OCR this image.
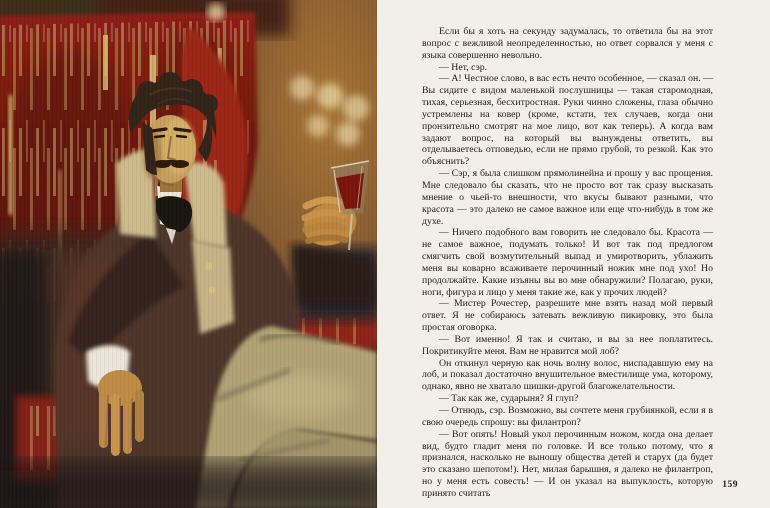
Если бы я хоть на секунду задумалась, то ответила бы на этот вопрос с вежливой неопределенностью, но ответ сорвался у меня с языка совершенно невольно.

— Нет, сэр.

— А! Честное слово, в вас есть нечто особенное, — сказал он. — Вы сидите с видом маленькой послушницы — такая старомодная, тихая, серьезная, бесхитростная. Руки чинно сложены, глаза обычно устремлены на ковер (кроме, кстати, тех случаев, когда они пронзительно смотрят на мое лицо, вот как теперь). А когда вам задают вопрос, на который вы вынуждены ответить, вы отделываетесь отповедью, если не прямо грубой, то резкой. Как это объяснить?

— Сэр, я была слишком прямолинейна и прошу у вас прощения. Мне следовало бы сказать, что не просто вот так сразу высказать мнение о чьей-то внешности, что вкусы бывают разными, что красота — это далеко не самое важное или еще что-нибудь в том же духе.

— Ничего подобного вам говорить не следовало бы. Красота — не самое важное, подумать только! И вот так под предлогом смягчить свой возмутительный выпад и умиротворить, ублажить меня вы коварно всаживаете перочинный ножик мне под ухо! Но продолжайте. Какие изъяны вы во мне обнаружили? Полагаю, руки, ноги, фигура и лицо у меня такие же, как у прочих людей?

— Мистер Рочестер, разрешите мне взять назад мой первый ответ. Я не собираюсь затевать вежливую пикировку, это была простая оговорка.

— Вот именно! Я так и считаю, и вы за нее поплатитесь. Покритикуйте меня. Вам не нравится мой лоб?

Он откинул черную как ночь волну волос, ниспадавшую ему на лоб, и показал достаточно внушительное вместилище ума, которому, однако, явно не хватало шишки-другой благожелательности.

— Так как же, сударыня? Я глуп?

— Отнюдь, сэр. Возможно, вы сочтете меня грубиянкой, если я в свою очередь спрошу: вы филантроп?

— Вот опять! Новый укол перочинным ножом, когда она делает вид, будто гладит меня по головке. И все только потому, что я признался, насколько не выношу общества детей и старух (да будет это сказано шепотом!). Нет, милая барышня, я далеко не филантроп, но у меня есть совесть! — И он указал на выпуклость, которую принято считать

159
